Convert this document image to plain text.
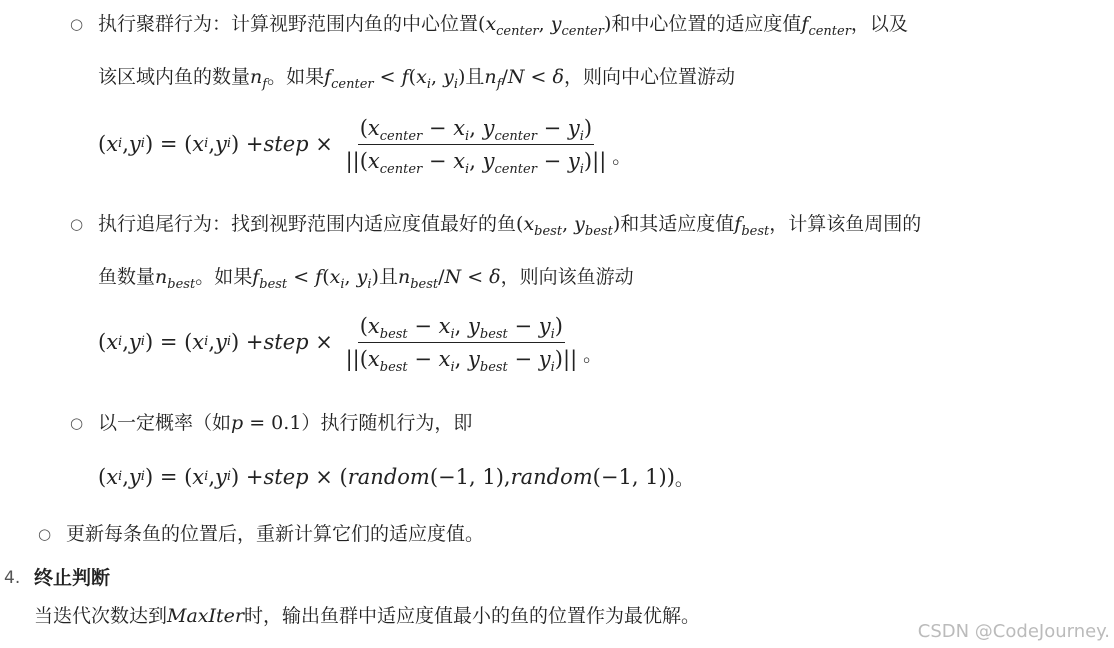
○ 执行聚群行为：计算视野范围内鱼的中心位置($x_{center}$, $y_{center}$)和中心位置的适应度值$f_{center}$，以及
该区域内鱼的数量$n_f$。如果$f_{center} < f(x_i$, $y_i$)且$n_f/N < \delta$，则向中心位置游动
( x i , y i ) = ( x i , y i ) + step × $\frac{(x_{center} - x_i, y_{center} - y_i)}{||(x_{center} - x_i, y_{center} - y_i)||}$ 。
○ 执行追尾行为：找到视野范围内适应度值最好的鱼($x_{best}$, $y_{best}$)和其适应度值$f_{best}$，计算该鱼周围的
鱼数量$n_{best}$。如果$f_{best} < f(x_i$, $y_i$)且$n_{best}/N < \delta$，则向该鱼游动
( x i , y i ) = ( x i , y i ) + step × $\frac{(x_{best} - x_i, y_{best} - y_i)}{||(x_{best} - x_i, y_{best} - y_i)||}$ 。
○ 以一定概率（如p = 0.1）执行随机行为，即
( x i , y i ) = ( x i , y i ) + step × ( random (−1, 1), random (−1, 1)) 。
○ 更新每条鱼的位置后，重新计算它们的适应度值。
4. 终止判断
当迭代次数达到MaxIter时，输出鱼群中适应度值最小的鱼的位置作为最优解。
CSDN @CodeJourney.
